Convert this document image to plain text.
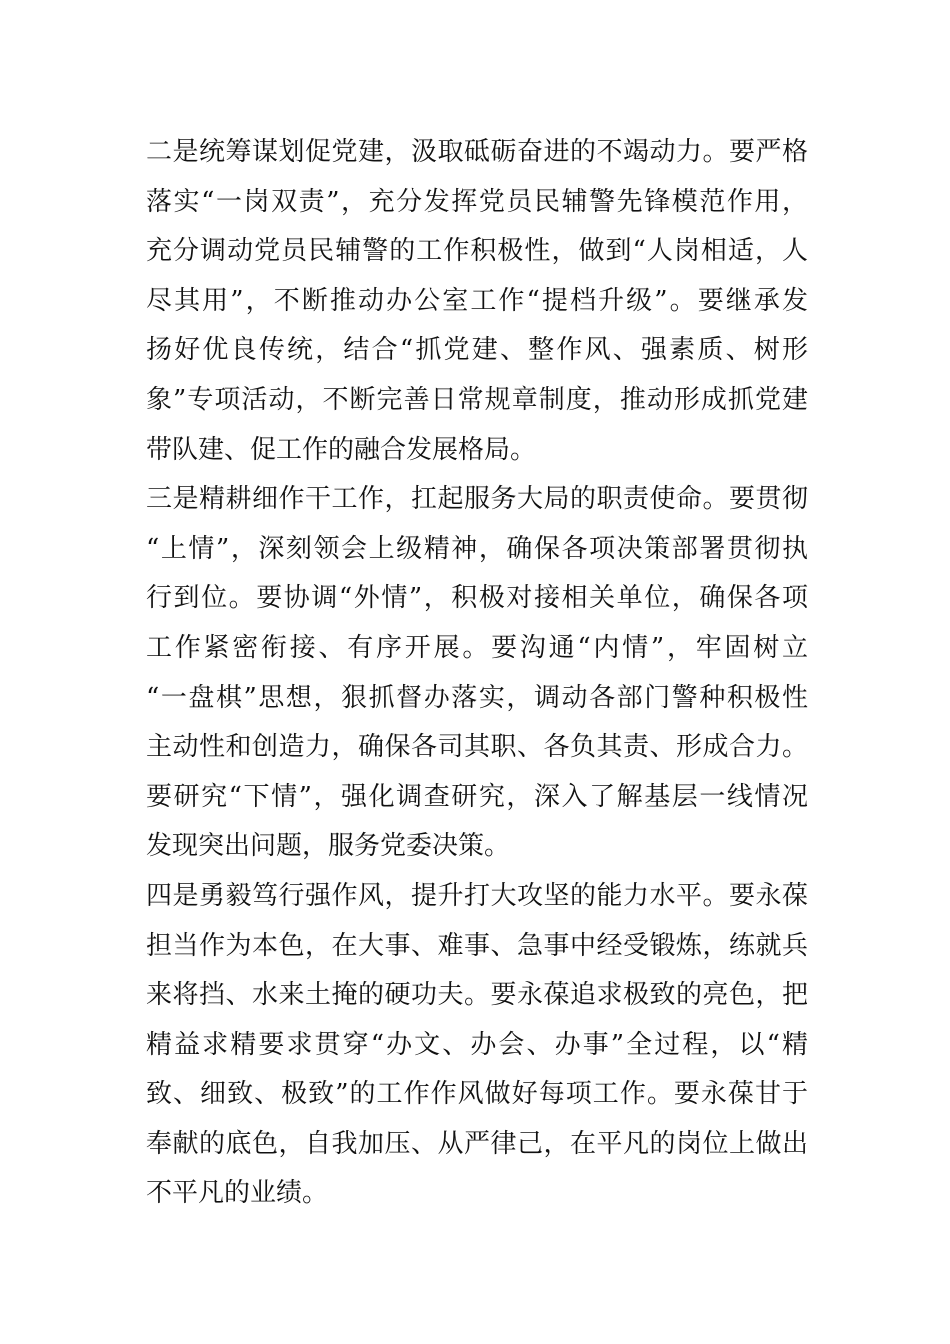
二是统筹谋划促党建，汲取砥砺奋进的不竭动力。要严格
落实“一岗双责”，充分发挥党员民辅警先锋模范作用，
充分调动党员民辅警的工作积极性，做到“人岗相适，人
尽其用”，不断推动办公室工作“提档升级”。要继承发
扬好优良传统，结合“抓党建、整作风、强素质、树形
象”专项活动，不断完善日常规章制度，推动形成抓党建
带队建、促工作的融合发展格局。
三是精耕细作干工作，扛起服务大局的职责使命。要贯彻
“上情”，深刻领会上级精神，确保各项决策部署贯彻执
行到位。要协调“外情”，积极对接相关单位，确保各项
工作紧密衔接、有序开展。要沟通“内情”，牢固树立
“一盘棋”思想，狠抓督办落实，调动各部门警种积极性
主动性和创造力，确保各司其职、各负其责、形成合力。
要研究“下情”，强化调查研究，深入了解基层一线情况
发现突出问题，服务党委决策。
四是勇毅笃行强作风，提升打大攻坚的能力水平。要永葆
担当作为本色，在大事、难事、急事中经受锻炼，练就兵
来将挡、水来土掩的硬功夫。要永葆追求极致的亮色，把
精益求精要求贯穿“办文、办会、办事”全过程，以“精
致、细致、极致”的工作作风做好每项工作。要永葆甘于
奉献的底色，自我加压、从严律己，在平凡的岗位上做出
不平凡的业绩。
